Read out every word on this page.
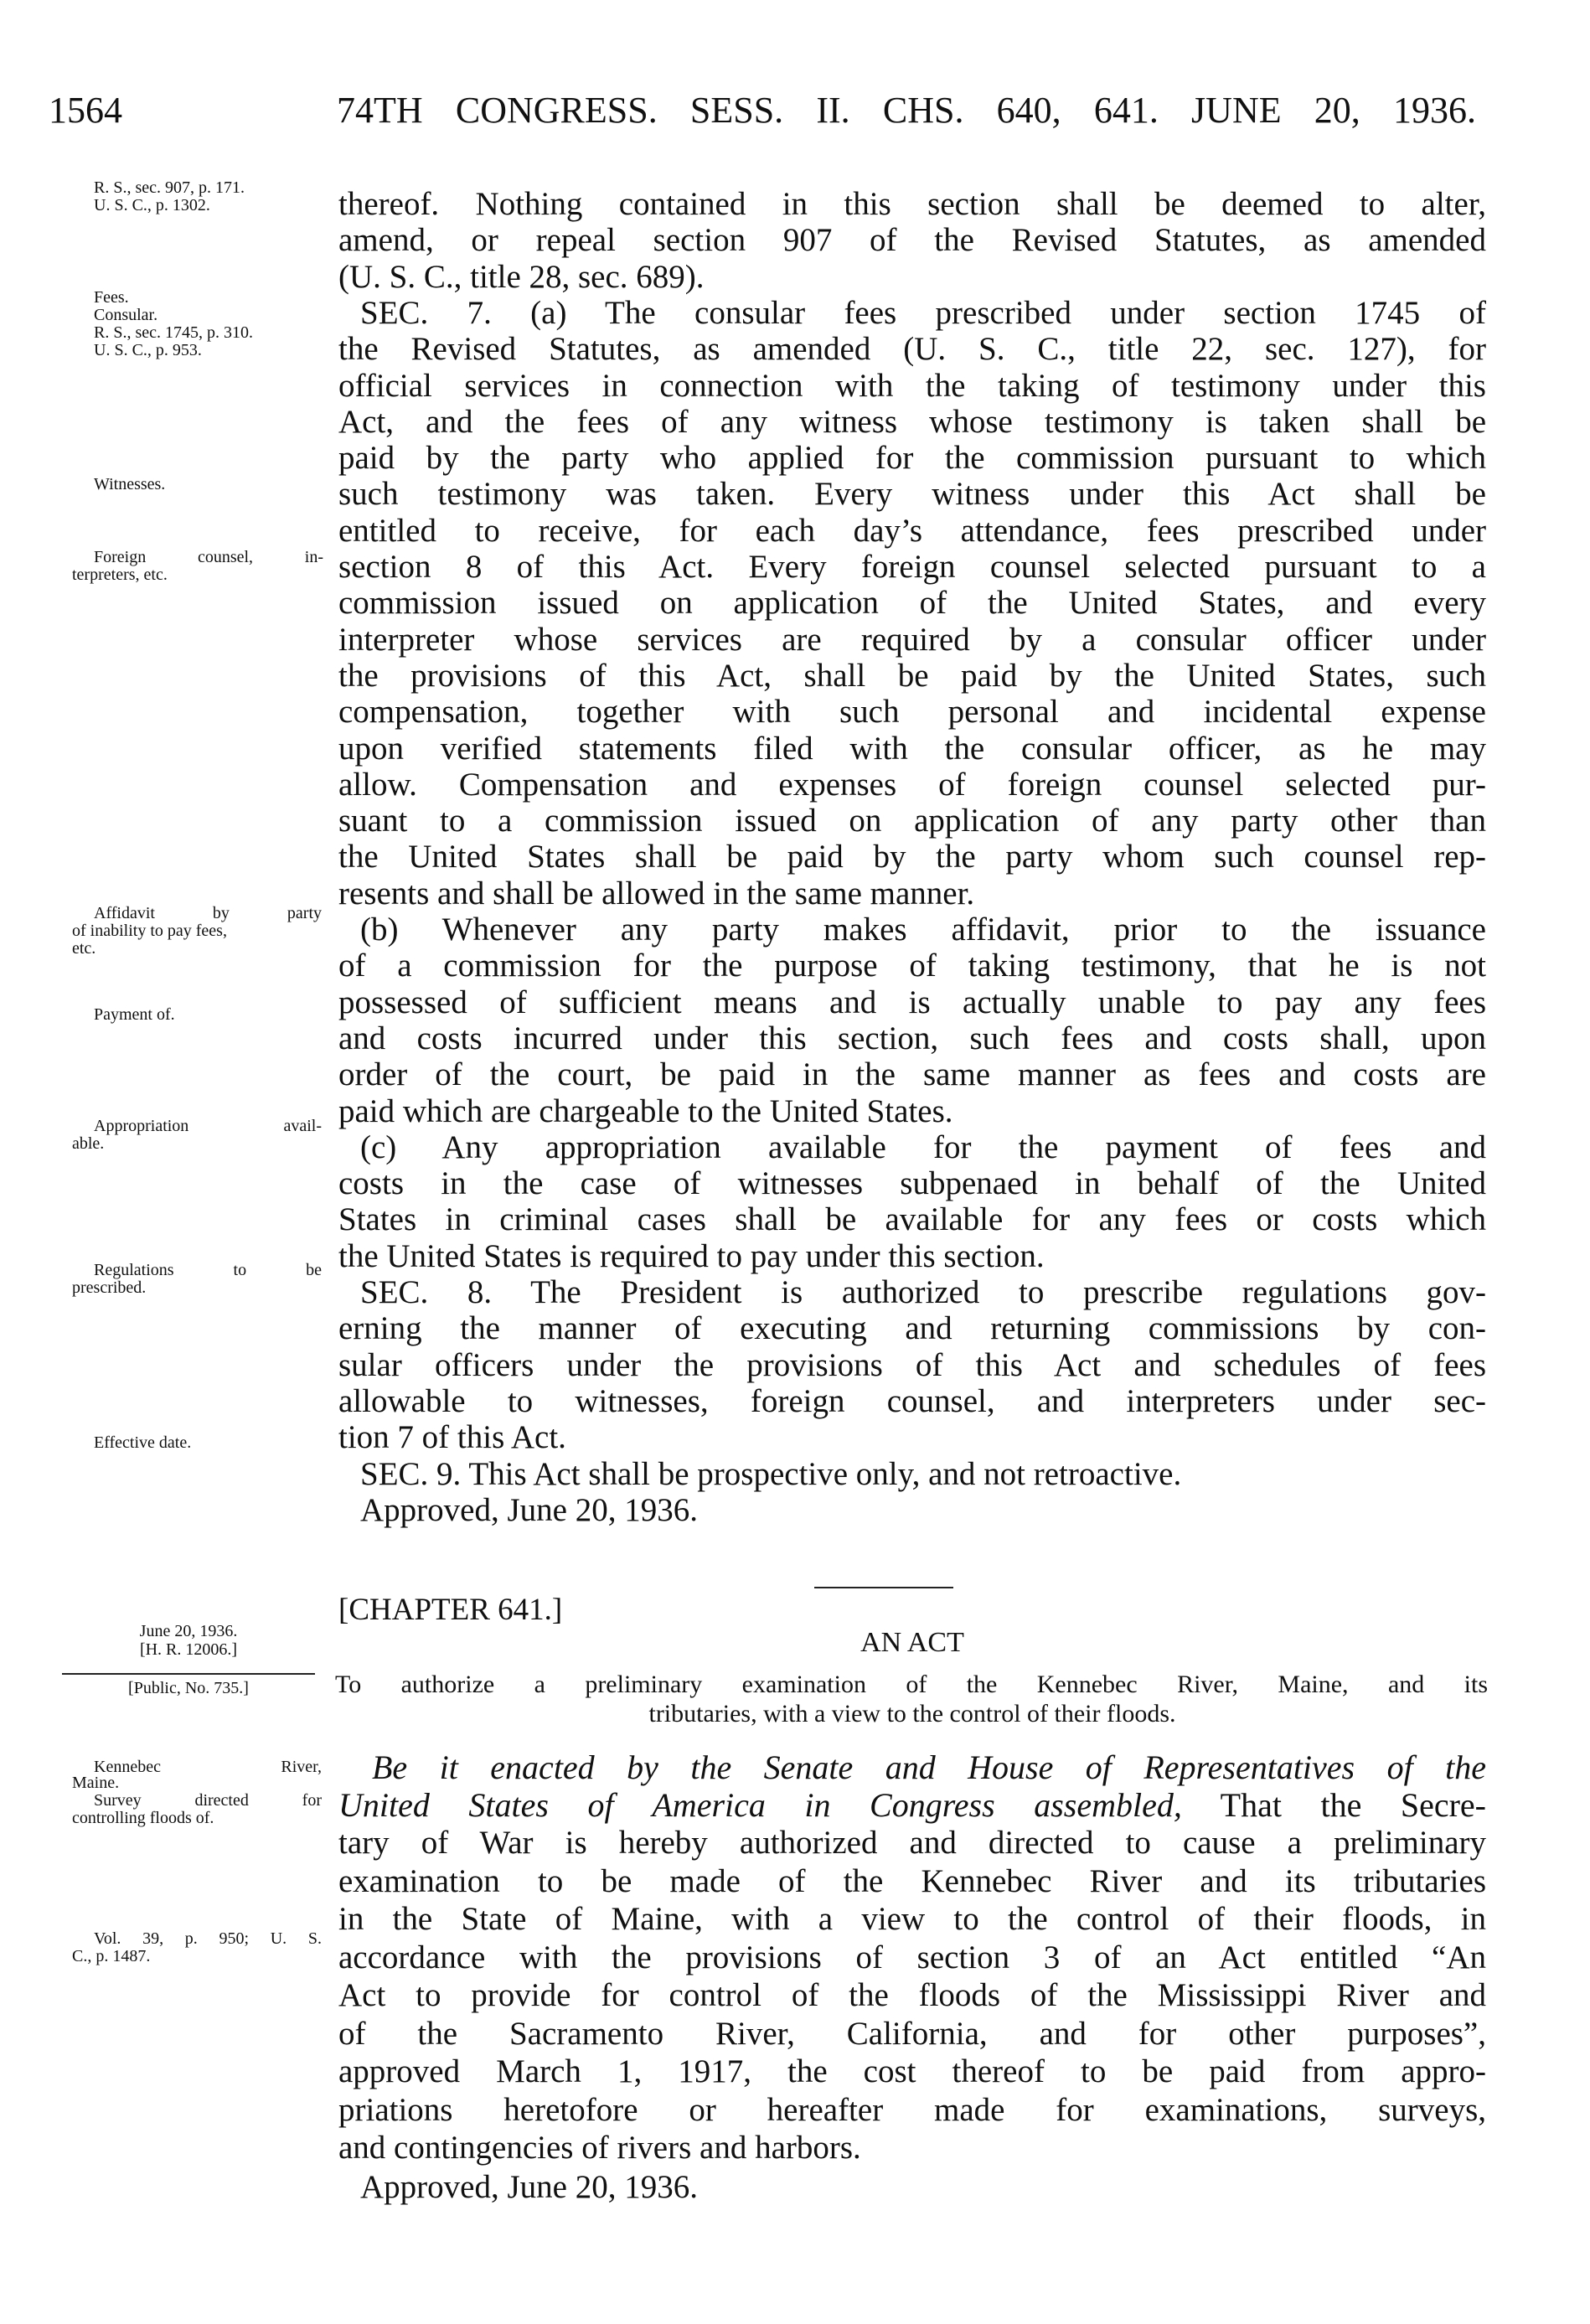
1564	74TH CONGRESS. SESS. II. CHS. 640, 641. JUNE 20, 1936.
thereof. Nothing contained in this section shall be deemed to alter,
amend, or repeal section 907 of the Revised Statutes, as amended
(U. S. C., title 28, sec. 689).
SEC. 7. (a) The consular fees prescribed under section 1745 of
the Revised Statutes, as amended (U. S. C., title 22, sec. 127), for
official services in connection with the taking of testimony under this
Act, and the fees of any witness whose testimony is taken shall be
paid by the party who applied for the commission pursuant to which
such testimony was taken. Every witness under this Act shall be
entitled to receive, for each day’s attendance, fees prescribed under
section 8 of this Act. Every foreign counsel selected pursuant to a
commission issued on application of the United States, and every
interpreter whose services are required by a consular officer under
the provisions of this Act, shall be paid by the United States, such
compensation, together with such personal and incidental expense
upon verified statements filed with the consular officer, as he may
allow. Compensation and expenses of foreign counsel selected pur-
suant to a commission issued on application of any party other than
the United States shall be paid by the party whom such counsel rep-
resents and shall be allowed in the same manner.
(b) Whenever any party makes affidavit, prior to the issuance
of a commission for the purpose of taking testimony, that he is not
possessed of sufficient means and is actually unable to pay any fees
and costs incurred under this section, such fees and costs shall, upon
order of the court, be paid in the same manner as fees and costs are
paid which are chargeable to the United States.
(c) Any appropriation available for the payment of fees and
costs in the case of witnesses subpenaed in behalf of the United
States in criminal cases shall be available for any fees or costs which
the United States is required to pay under this section.
SEC. 8. The President is authorized to prescribe regulations gov-
erning the manner of executing and returning commissions by con-
sular officers under the provisions of this Act and schedules of fees
allowable to witnesses, foreign counsel, and interpreters under sec-
tion 7 of this Act.
SEC. 9. This Act shall be prospective only, and not retroactive.
Approved, June 20, 1936.
R. S., sec. 907, p. 171.
U. S. C., p. 1302.
Fees.
Consular.
R. S., sec. 1745, p. 310.
U. S. C., p. 953.
Witnesses.
Foreign counsel, in-
terpreters, etc.
Affidavit by party
of inability to pay fees,
etc.
Payment of.
Appropriation avail-
able.
Regulations to be
prescribed.
Effective date.
[CHAPTER 641.]
AN ACT
To authorize a preliminary examination of the Kennebec River, Maine, and its
tributaries, with a view to the control of their floods.
June 20, 1936.
[H. R. 12006.]
[Public, No. 735.]
Be it enacted by the Senate and House of Representatives of the
United States of America in Congress assembled, That the Secre-
tary of War is hereby authorized and directed to cause a preliminary
examination to be made of the Kennebec River and its tributaries
in the State of Maine, with a view to the control of their floods, in
accordance with the provisions of section 3 of an Act entitled “An
Act to provide for control of the floods of the Mississippi River and
of the Sacramento River, California, and for other purposes”,
approved March 1, 1917, the cost thereof to be paid from appro-
priations heretofore or hereafter made for examinations, surveys,
and contingencies of rivers and harbors.
Approved, June 20, 1936.
Kennebec River,
Maine.
Survey directed for
controlling floods of.
Vol. 39, p. 950; U. S.
C., p. 1487.
